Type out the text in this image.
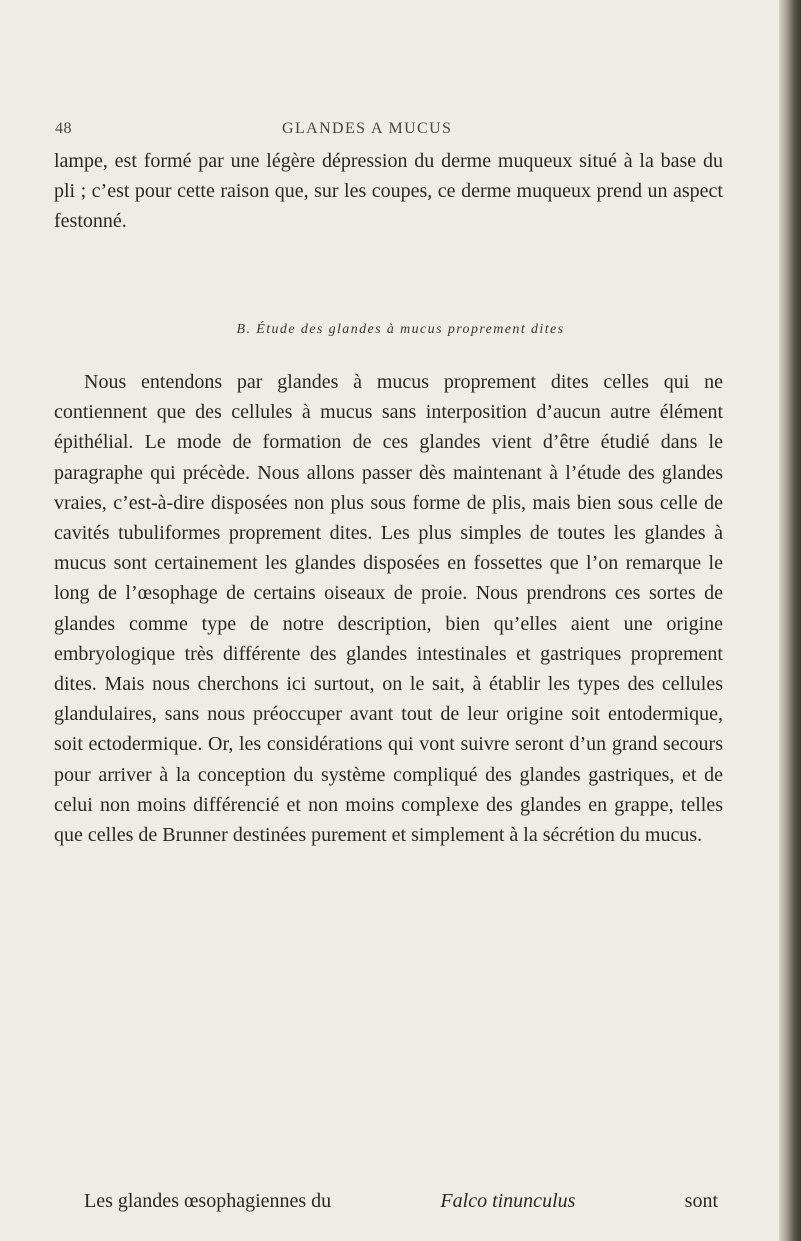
48	GLANDES A MUCUS

lampe, est formé par une légère dépression du derme muqueux situé à la base du pli ; c’est pour cette raison que, sur les coupes, ce derme muqueux prend un aspect festonné.

B. Étude des glandes à mucus proprement dites

Nous entendons par glandes à mucus proprement dites celles qui ne contiennent que des cellules à mucus sans interposition d’aucun autre élément épithélial. Le mode de formation de ces glandes vient d’être étudié dans le paragraphe qui précède. Nous allons passer dès maintenant à l’étude des glandes vraies, c’est-à-dire disposées non plus sous forme de plis, mais bien sous celle de cavités tubuliformes proprement dites. Les plus simples de toutes les glandes à mucus sont certainement les glandes disposées en fossettes que l’on remarque le long de l’œsophage de certains oiseaux de proie. Nous prendrons ces sortes de glandes comme type de notre description, bien qu’elles aient une origine embryologique très différente des glandes intestinales et gastriques proprement dites. Mais nous cherchons ici surtout, on le sait, à établir les types des cellules glandulaires, sans nous préoccuper avant tout de leur origine soit entodermique, soit ectodermique. Or, les considérations qui vont suivre seront d’un grand secours pour arriver à la conception du système compliqué des glandes gastriques, et de celui non moins différencié et non moins complexe des glandes en grappe, telles que celles de Brunner destinées purement et simplement à la sécrétion du mucus.

Les glandes œsophagiennes du	Falco tinunculus	sont
